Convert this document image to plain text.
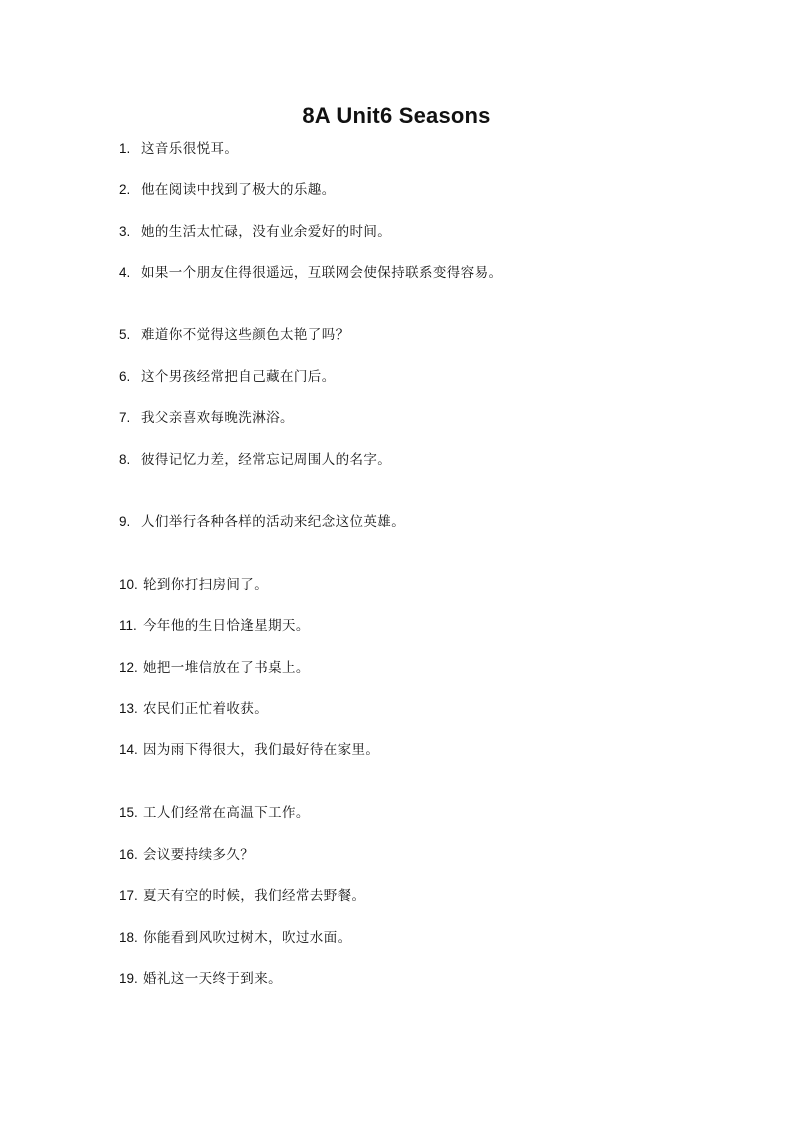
8A Unit6 Seasons
1. 这音乐很悦耳。
2. 他在阅读中找到了极大的乐趣。
3. 她的生活太忙碌，没有业余爱好的时间。
4. 如果一个朋友住得很遥远，互联网会使保持联系变得容易。
5. 难道你不觉得这些颜色太艳了吗？
6. 这个男孩经常把自己藏在门后。
7. 我父亲喜欢每晚洗淋浴。
8. 彼得记忆力差，经常忘记周围人的名字。
9. 人们举行各种各样的活动来纪念这位英雄。
10. 轮到你打扫房间了。
11. 今年他的生日恰逢星期天。
12. 她把一堆信放在了书桌上。
13. 农民们正忙着收获。
14. 因为雨下得很大，我们最好待在家里。
15. 工人们经常在高温下工作。
16. 会议要持续多久？
17. 夏天有空的时候，我们经常去野餐。
18. 你能看到风吹过树木，吹过水面。
19. 婚礼这一天终于到来。
